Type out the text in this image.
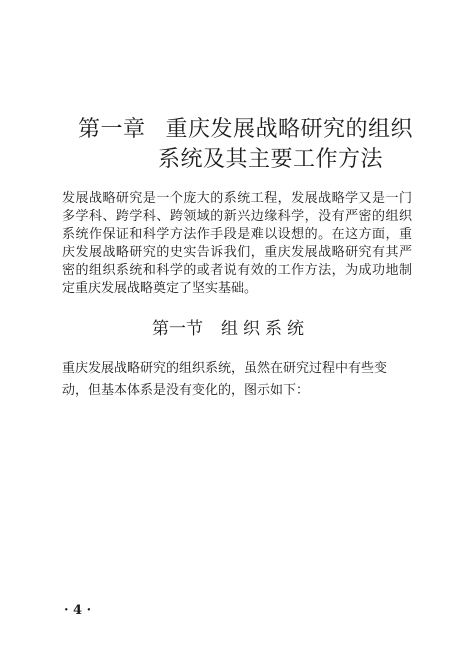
第一章 重庆发展战略研究的组织
系统及其主要工作方法

发展战略研究是一个庞大的系统工程，发展战略学又是一门多学科、跨学科、跨领域的新兴边缘科学，没有严密的组织系统作保证和科学方法作手段是难以设想的。在这方面，重庆发展战略研究的史实告诉我们，重庆发展战略研究有其严密的组织系统和科学的或者说有效的工作方法，为成功地制定重庆发展战略奠定了坚实基础。

第一节 组织系统

重庆发展战略研究的组织系统，虽然在研究过程中有些变动，但基本体系是没有变化的，图示如下：

· 4 ·
